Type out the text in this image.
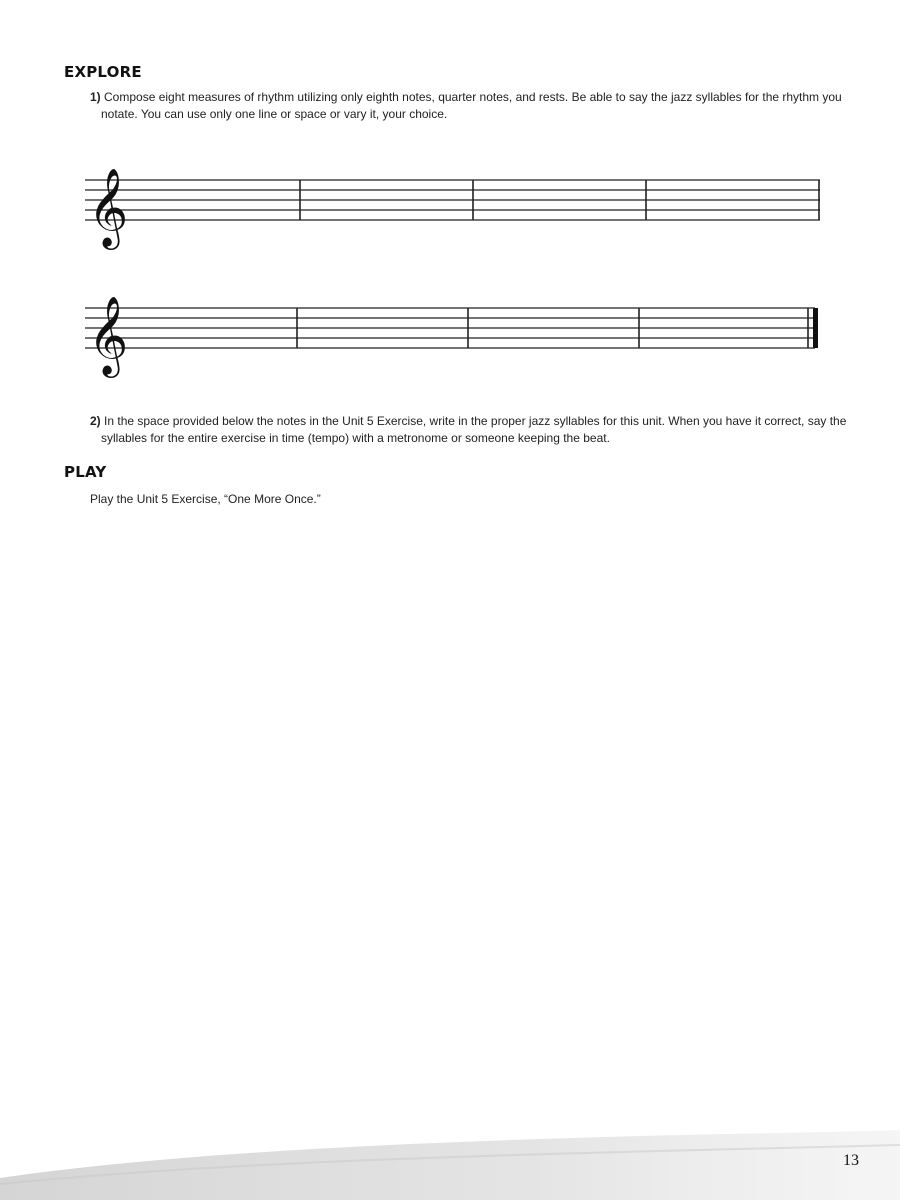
EXPLORE

1) Compose eight measures of rhythm utilizing only eighth notes, quarter notes, and rests. Be able to say the jazz syllables for the rhythm you notate. You can use only one line or space or vary it, your choice.

𝄞
𝄞

2) In the space provided below the notes in the Unit 5 Exercise, write in the proper jazz syllables for this unit. When you have it correct, say the syllables for the entire exercise in time (tempo) with a metronome or someone keeping the beat.

PLAY

Play the Unit 5 Exercise, “One More Once.”

13
